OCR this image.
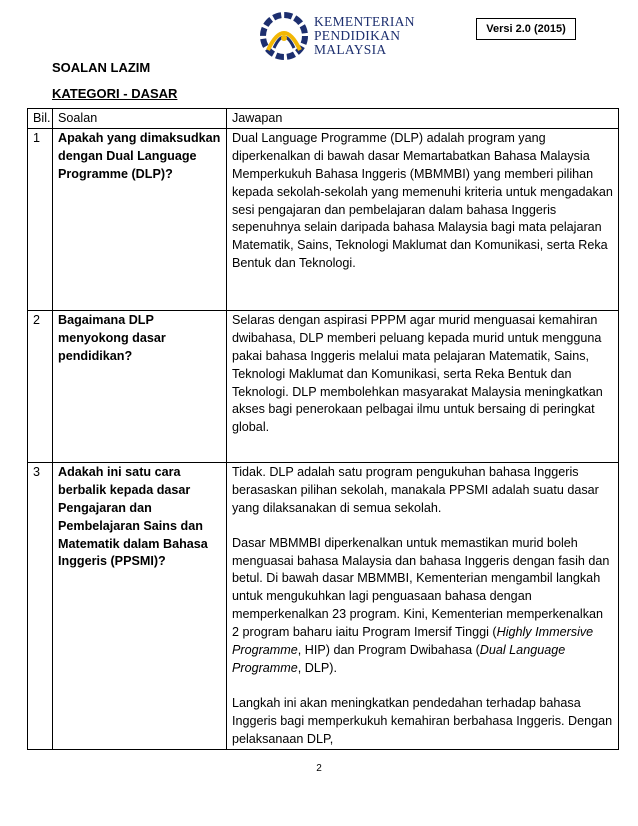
KEMENTERIAN
PENDIDIKAN
MALAYSIA
Versi 2.0 (2015)
SOALAN LAZIM
KATEGORI - DASAR
Bil.	Soalan	Jawapan
1	Apakah yang dimaksudkan dengan Dual Language Programme (DLP)?	Dual Language Programme (DLP) adalah program yang diperkenalkan di bawah dasar Memartabatkan Bahasa Malaysia Memperkukuh Bahasa Inggeris (MBMMBI) yang memberi pilihan kepada sekolah-sekolah yang memenuhi kriteria untuk mengadakan sesi pengajaran dan pembelajaran dalam bahasa Inggeris sepenuhnya selain daripada bahasa Malaysia bagi mata pelajaran Matematik, Sains, Teknologi Maklumat dan Komunikasi, serta Reka Bentuk dan Teknologi.
2	Bagaimana DLP menyokong dasar pendidikan?	Selaras dengan aspirasi PPPM agar murid menguasai kemahiran dwibahasa, DLP memberi peluang kepada murid untuk mengguna pakai bahasa Inggeris melalui mata pelajaran Matematik, Sains, Teknologi Maklumat dan Komunikasi, serta Reka Bentuk dan Teknologi. DLP membolehkan masyarakat Malaysia meningkatkan akses bagi penerokaan pelbagai ilmu untuk bersaing di peringkat global.
3	Adakah ini satu cara berbalik kepada dasar Pengajaran dan Pembelajaran Sains dan Matematik dalam Bahasa Inggeris (PPSMI)?	Tidak. DLP adalah satu program pengukuhan bahasa Inggeris berasaskan pilihan sekolah, manakala PPSMI adalah suatu dasar yang dilaksanakan di semua sekolah.

Dasar MBMMBI diperkenalkan untuk memastikan murid boleh menguasai bahasa Malaysia dan bahasa Inggeris dengan fasih dan betul. Di bawah dasar MBMMBI, Kementerian mengambil langkah untuk mengukuhkan lagi penguasaan bahasa dengan memperkenalkan 23 program. Kini, Kementerian memperkenalkan 2 program baharu iaitu Program Imersif Tinggi (Highly Immersive Programme, HIP) dan Program Dwibahasa (Dual Language Programme, DLP).

Langkah ini akan meningkatkan pendedahan terhadap bahasa Inggeris bagi memperkukuh kemahiran berbahasa Inggeris. Dengan pelaksanaan DLP,

2
